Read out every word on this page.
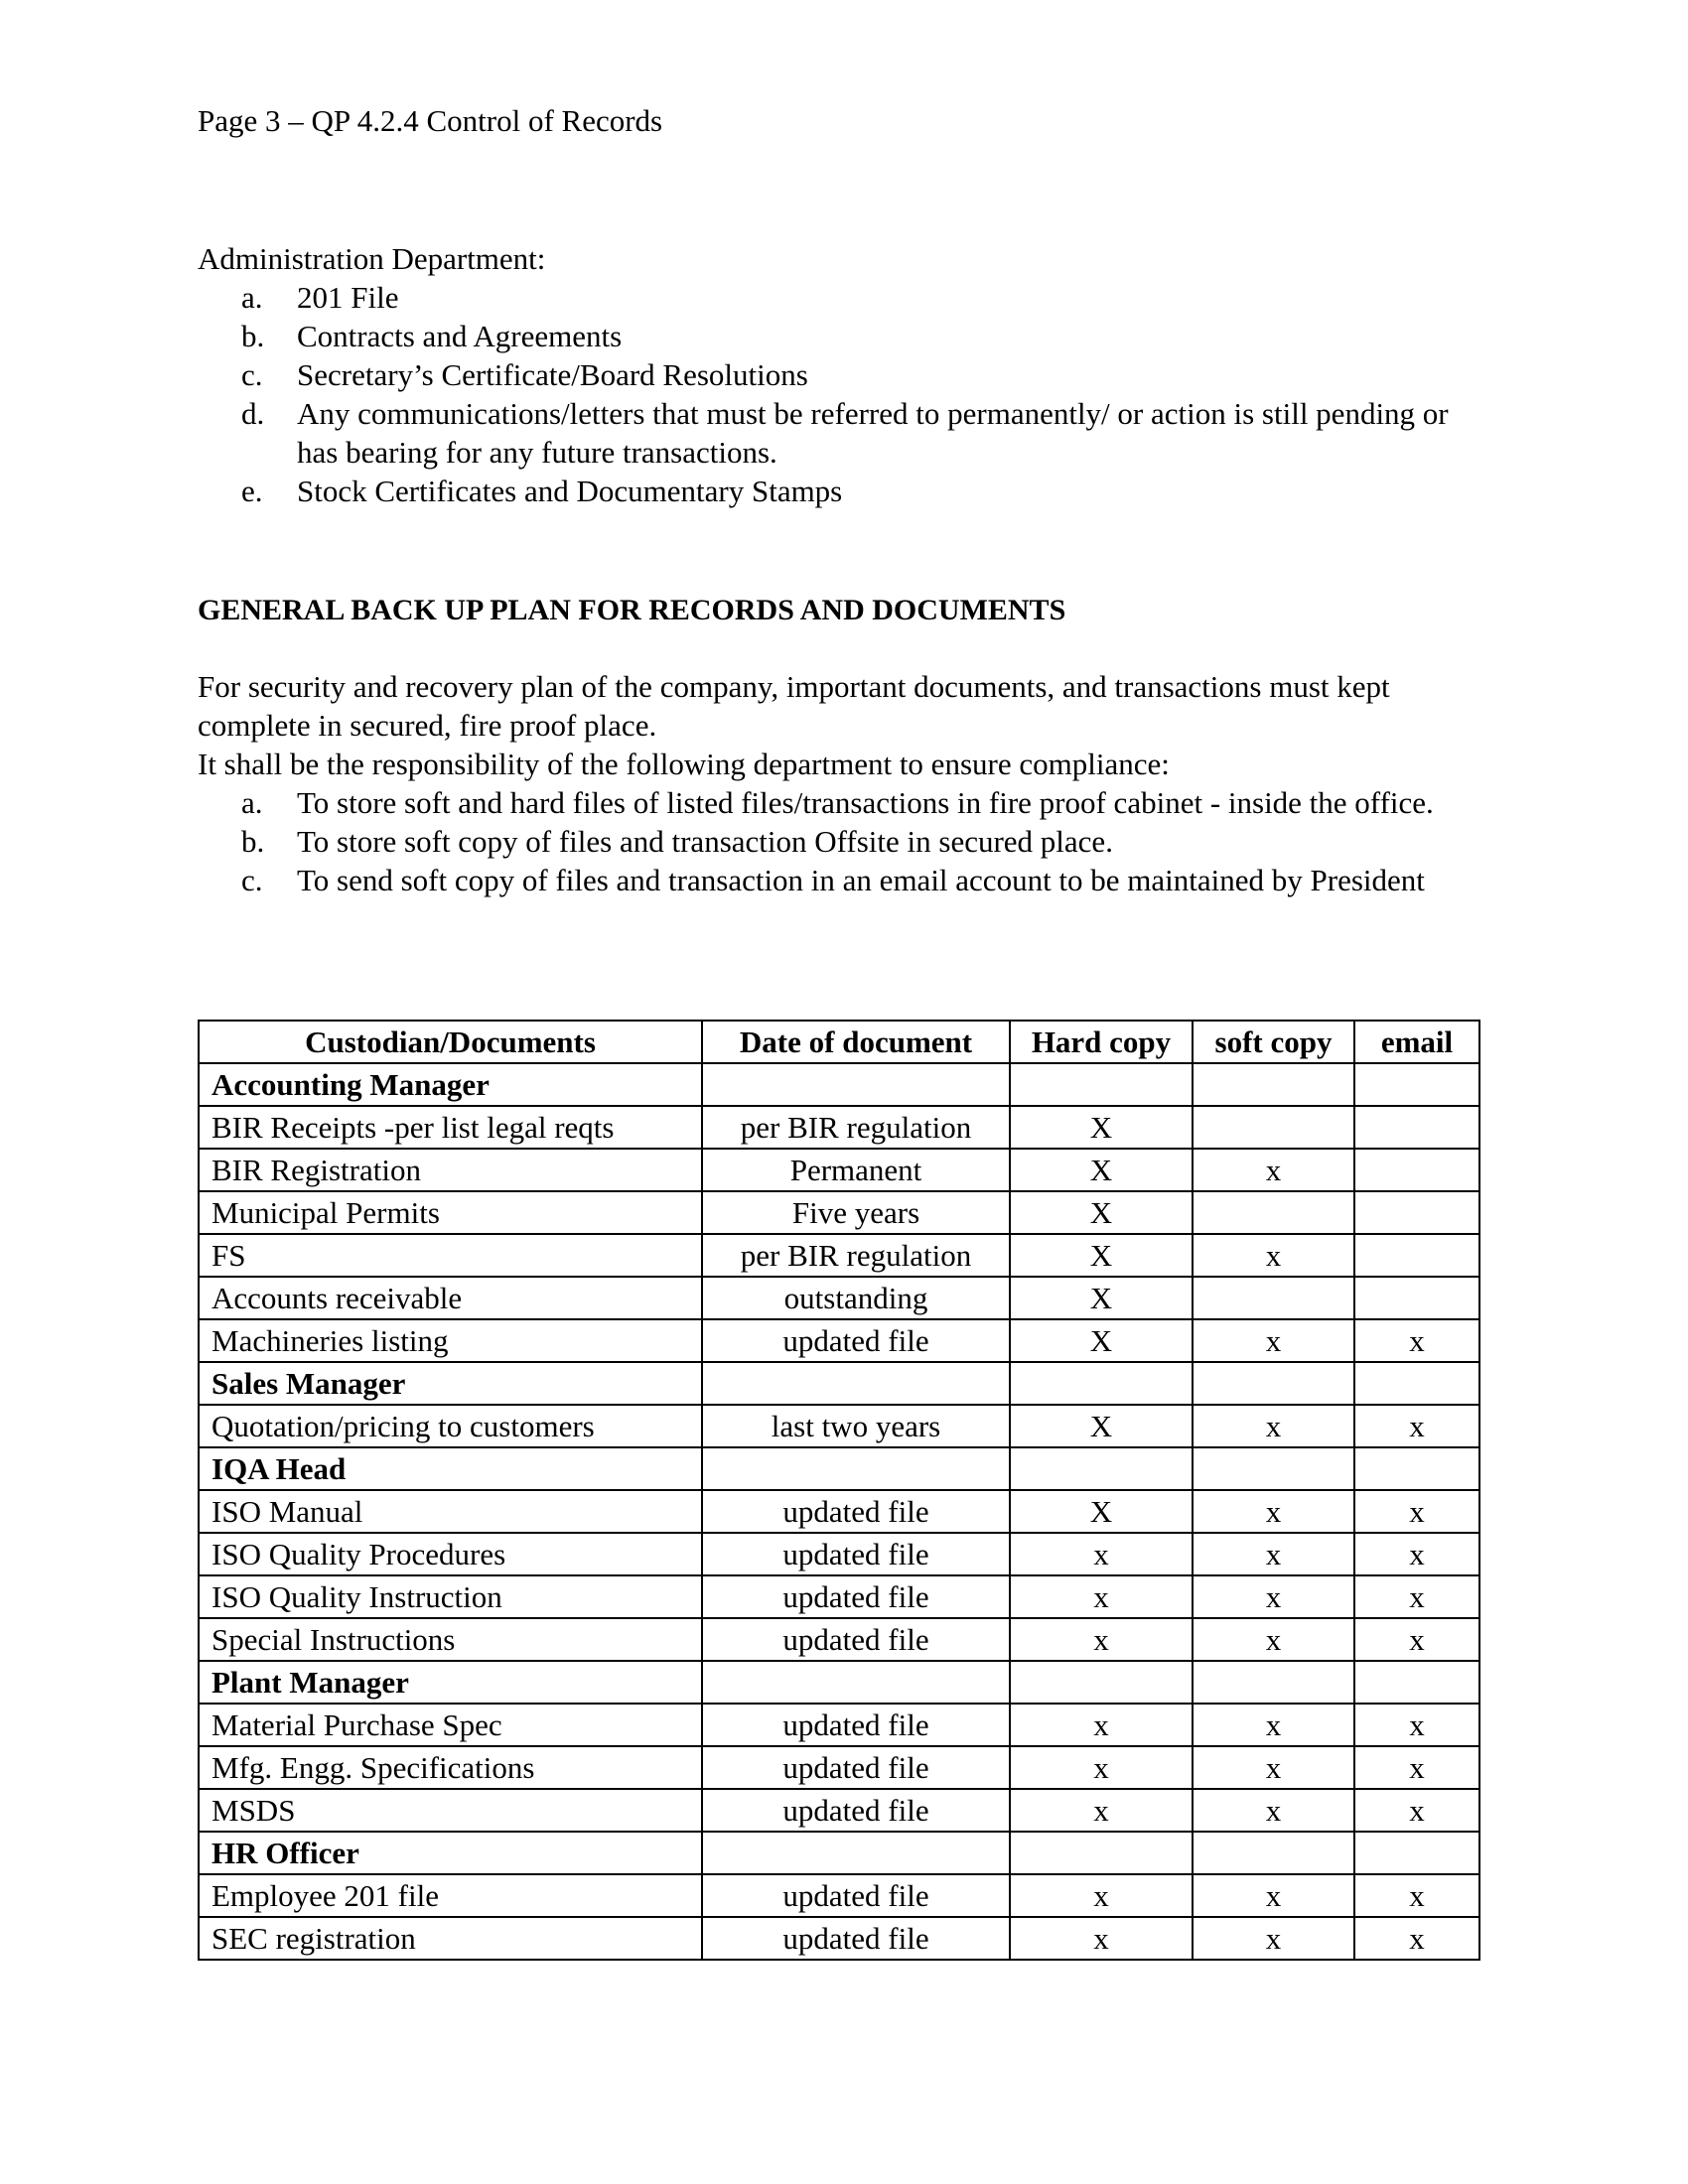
Page 3 – QP 4.2.4 Control of Records
Administration Department:
a.	201 File
b.	Contracts and Agreements
c.	Secretary’s Certificate/Board Resolutions
d.	Any communications/letters that must be referred to permanently/ or action is still pending or has bearing for any future transactions.
e.	Stock Certificates and Documentary Stamps
GENERAL BACK UP PLAN FOR RECORDS AND DOCUMENTS
For security and recovery plan of the company, important documents, and transactions must kept complete in secured, fire proof place.
It shall be the responsibility of the following department to ensure compliance:
a.	To store soft and hard files of listed files/transactions in fire proof cabinet - inside the office.
b.	To store soft copy of files and transaction Offsite in secured place.
c.	To send soft copy of files and transaction in an email account to be maintained by President
Custodian/Documents	Date of document	Hard copy	soft copy	email
Accounting Manager				
BIR Receipts -per list legal reqts	per BIR regulation	X		
BIR Registration	Permanent	X	x	
Municipal Permits	Five years	X		
FS	per BIR regulation	X	x	
Accounts receivable	outstanding	X		
Machineries listing	updated file	X	x	x
Sales Manager				
Quotation/pricing to customers	last two years	X	x	x
IQA Head				
ISO Manual	updated file	X	x	x
ISO Quality Procedures	updated file	x	x	x
ISO Quality Instruction	updated file	x	x	x
Special Instructions	updated file	x	x	x
Plant Manager				
Material Purchase Spec	updated file	x	x	x
Mfg. Engg. Specifications	updated file	x	x	x
MSDS	updated file	x	x	x
HR Officer				
Employee 201 file	updated file	x	x	x
SEC registration	updated file	x	x	x
